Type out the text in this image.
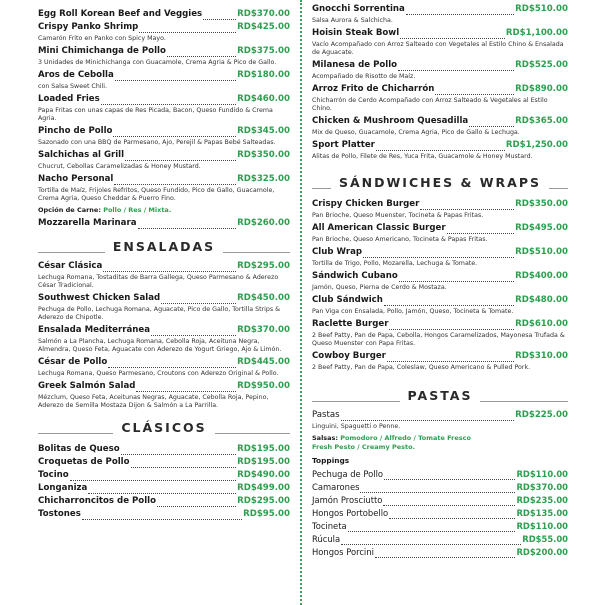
Egg Roll Korean Beef and Veggies	RD$370.00
Crispy Panko Shrimp	RD$425.00
Camarón Frito en Panko con Spicy Mayo.
Mini Chimichanga de Pollo	RD$375.00
3 Unidades de Minichichanga con Guacamole, Crema Agria & Pico de Gallo.
Aros de Cebolla	RD$180.00
con Salsa Sweet Chili.
Loaded Fries	RD$460.00
Papa Fritas con unas capas de Res Picada, Bacon, Queso Fundido & Crema Agria.
Pincho de Pollo	RD$345.00
Sazonado con una BBQ de Parmesano, Ajo, Perejil & Papas Bebé Salteadas.
Salchichas al Grill	RD$350.00
Chucrut, Cebollas Caramelizadas & Honey Mustard.
Nacho Personal	RD$325.00
Tortilla de Maíz, Frijoles Refritos, Queso Fundido, Pico de Gallo, Guacamole, Crema Agria, Queso Cheddar & Puerro Fino.
Opción de Carne: Pollo / Res / Mixta.
Mozzarella Marinara	RD$260.00
ENSALADAS
César Clásica	RD$295.00
Lechuga Romana, Tostaditas de Barra Gallega, Queso Parmesano & Aderezo César Tradicional.
Southwest Chicken Salad	RD$450.00
Pechuga de Pollo, Lechuga Romana, Aguacate, Pico de Gallo, Tortilla Strips & Aderezo de Chipotle.
Ensalada Mediterránea	RD$370.00
Salmón a La Plancha, Lechuga Romana, Cebolla Roja, Aceituna Negra, Almendra, Queso Feta, Aguacate con Aderezo de Yogurt Griego, Ajo & Limón.
César de Pollo	RD$445.00
Lechuga Romana, Queso Parmesano, Croutons con Aderezo Original & Pollo.
Greek Salmón Salad	RD$950.00
Mézclum, Queso Feta, Aceitunas Negras, Aguacate, Cebolla Roja, Pepino, Aderezo de Semilla Mostaza Dijon & Salmón a La Parrilla.
CLÁSICOS
Bolitas de Queso	RD$195.00
Croquetas de Pollo	RD$195.00
Tocino	RD$490.00
Longaniza	RD$499.00
Chicharroncitos de Pollo	RD$295.00
Tostones	RD$95.00
Gnocchi Sorrentina	RD$510.00
Salsa Aurora & Salchicha.
Hoisin Steak Bowl	RD$1,100.00
Vacío Acompañado con Arroz Salteado con Vegetales al Estilo Chino & Ensalada de Aguacate.
Milanesa de Pollo	RD$525.00
Acompañado de Risotto de Maíz.
Arroz Frito de Chicharrón	RD$890.00
Chicharrón de Cerdo Acompañado con Arroz Salteado & Vegetales al Estilo Chino.
Chicken & Mushroom Quesadilla	RD$365.00
Mix de Queso, Guacamole, Crema Agria, Pico de Gallo & Lechuga.
Sport Platter	RD$1,250.00
Alitas de Pollo, Filete de Res, Yuca Frita, Guacamole & Honey Mustard.
SÁNDWICHES & WRAPS
Crispy Chicken Burger	RD$350.00
Pan Brioche, Queso Muenster, Tocineta & Papas Fritas.
All American Classic Burger	RD$495.00
Pan Brioche, Queso Americano, Tocineta & Papas Fritas.
Club Wrap	RD$510.00
Tortilla de Trigo, Pollo, Mozarella, Lechuga & Tomate.
Sándwich Cubano	RD$400.00
Jamón, Queso, Pierna de Cerdo & Mostaza.
Club Sándwich	RD$480.00
Pan Viga con Ensalada, Pollo, Jamón, Queso, Tocineta & Tomate.
Raclette Burger	RD$610.00
2 Beef Patty, Pan de Papa, Cebolla, Hongos Caramelizados, Mayonesa Trufada & Queso Muenster con Papa Fritas.
Cowboy Burger	RD$310.00
2 Beef Patty, Pan de Papa, Coleslaw, Queso Americano & Pulled Pork.
PASTAS
Pastas	RD$225.00
Linguini, Spaguetti o Penne.
Salsas: Pomodoro / Alfredo / Tomate Fresco
Fresh Pesto / Creamy Pesto.
Toppings
Pechuga de Pollo	RD$110.00
Camarones	RD$370.00
Jamón Prosciutto	RD$235.00
Hongos Portobello	RD$135.00
Tocineta	RD$110.00
Rúcula	RD$55.00
Hongos Porcini	RD$200.00
